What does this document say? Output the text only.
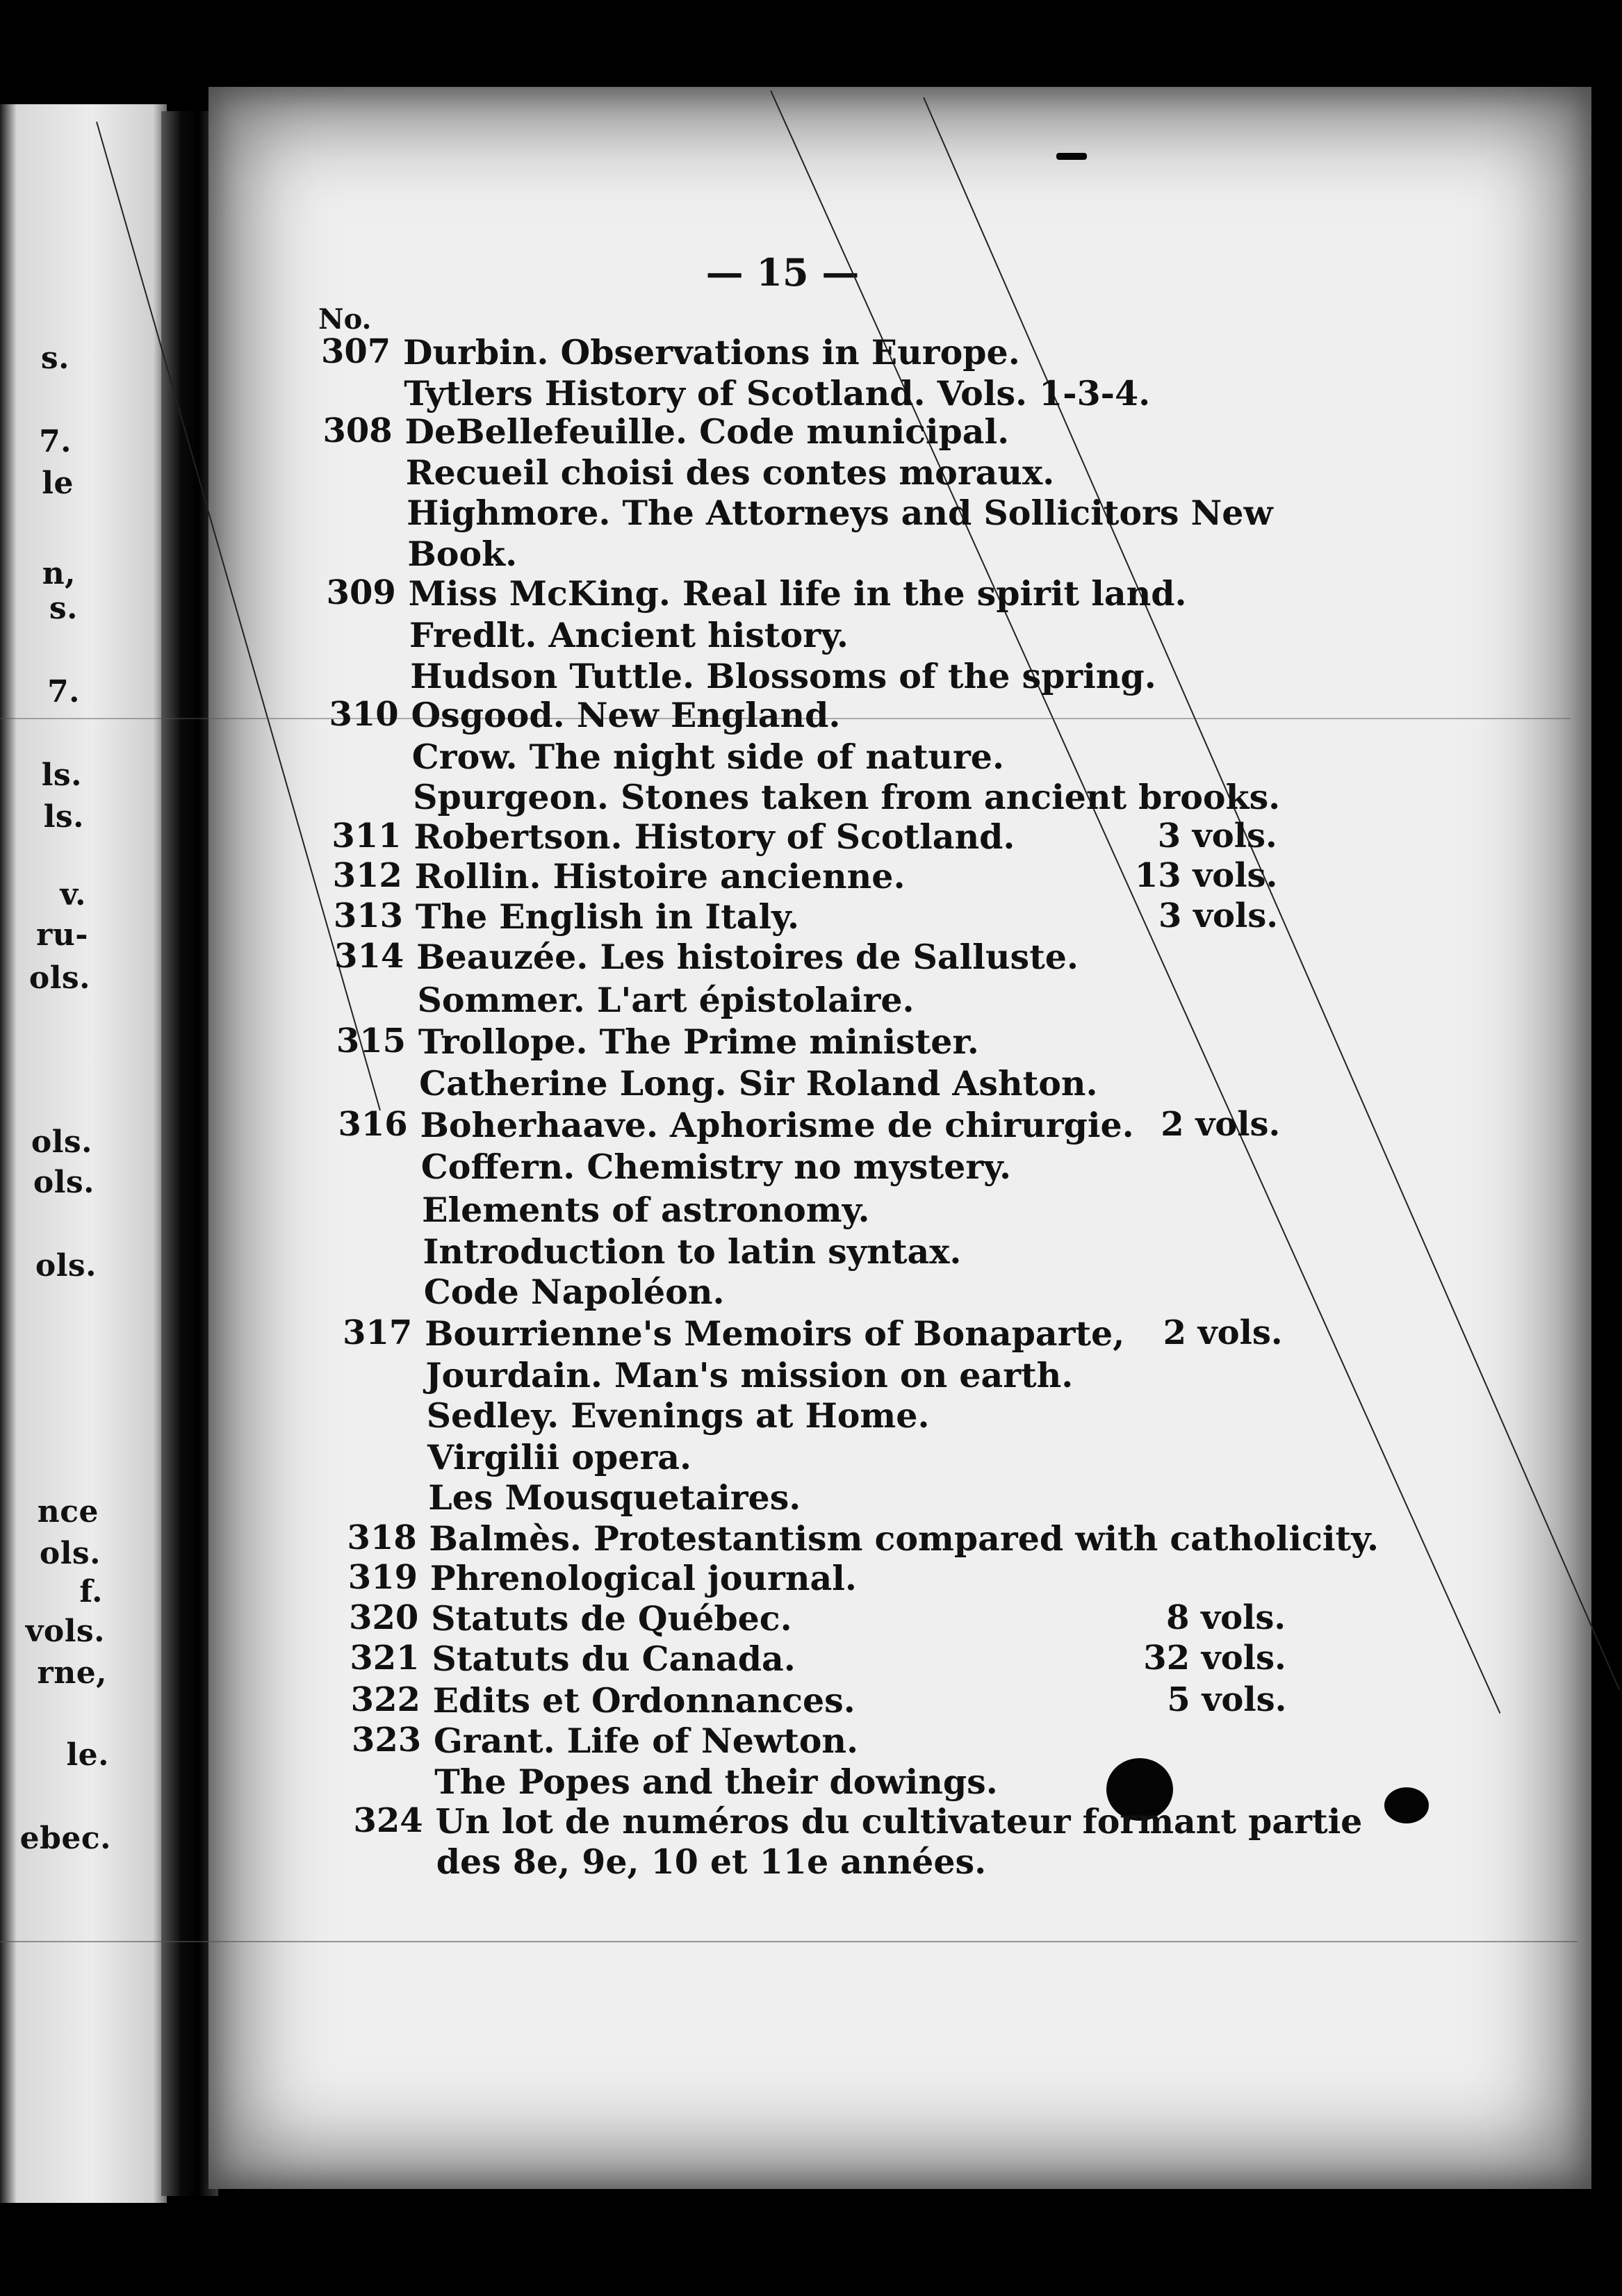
s.
7.
le
n,
s.
7.
ls.
ls.
v.
ru-
ols.
ols.
ols.
ols.
nce
ols.
f.
vols.
rne,
le.
ebec.
— 15 —
No.
307 Durbin. Observations in Europe.
Tytlers History of Scotland. Vols. 1-3-4.
308 DeBellefeuille. Code municipal.
Recueil choisi des contes moraux.
Highmore. The Attorneys and Sollicitors New
Book.
309 Miss McKing. Real life in the spirit land.
Fredlt. Ancient history.
Hudson Tuttle. Blossoms of the spring.
310 Osgood. New England.
Crow. The night side of nature.
Spurgeon. Stones taken from ancient brooks.
311 Robertson. History of Scotland.	3 vols.
312 Rollin. Histoire ancienne.	13 vols.
313 The English in Italy.	3 vols.
314 Beauzée. Les histoires de Salluste.
Sommer. L'art épistolaire.
315 Trollope. The Prime minister.
Catherine Long. Sir Roland Ashton.
316 Boherhaave. Aphorisme de chirurgie. 2 vols.
Coffern. Chemistry no mystery.
Elements of astronomy.
Introduction to latin syntax.
Code Napoléon.
317 Bourrienne's Memoirs of Bonaparte, 2 vols.
Jourdain. Man's mission on earth.
Sedley. Evenings at Home.
Virgilii opera.
Les Mousquetaires.
318 Balmès. Protestantism compared with catholicity.
319 Phrenological journal.
320 Statuts de Québec.	8 vols.
321 Statuts du Canada.	32 vols.
322 Edits et Ordonnances.	5 vols.
323 Grant. Life of Newton.
The Popes and their dowings.
324 Un lot de numéros du cultivateur formant partie
des 8e, 9e, 10 et 11e années.
